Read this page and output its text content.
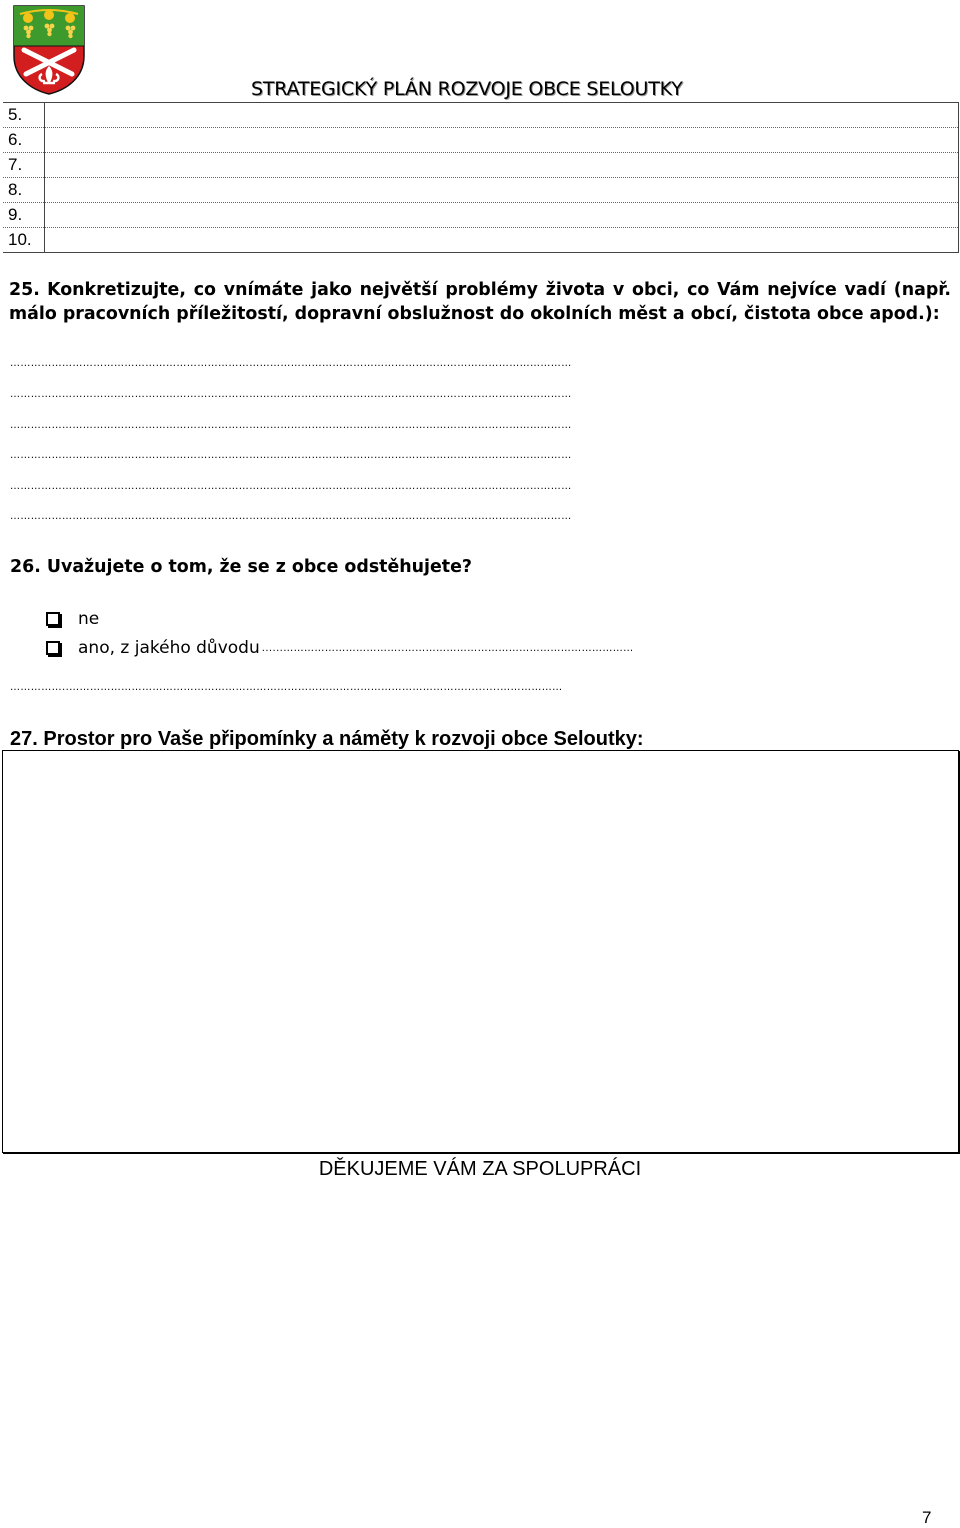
STRATEGICKÝ PLÁN ROZVOJE OBCE SELOUTKY
5.	
6.	
7.	
8.	
9.	
10.	
25. Konkretizujte, co vnímáte jako největší problémy života v obci, co Vám nejvíce vadí (např. málo pracovních příležitostí, dopravní obslužnost do okolních měst a obcí, čistota obce apod.):
………………………………………………………………………………………………………………………………………………
………………………………………………………………………………………………………………………………………………
………………………………………………………………………………………………………………………………………………
………………………………………………………………………………………………………………………………………………
………………………………………………………………………………………………………………………………………………
………………………………………………………………………………………………………………………………………………
26. Uvažujete o tom, že se z obce odstěhujete?
ne
ano, z jakého důvodu ......……………………………..…………………………………………………………
……………..……………………………………………………………………………………………………..........………………
27. Prostor pro Vaše připomínky a náměty k rozvoji obce Seloutky:
DĚKUJEME VÁM ZA SPOLUPRÁCI
7
